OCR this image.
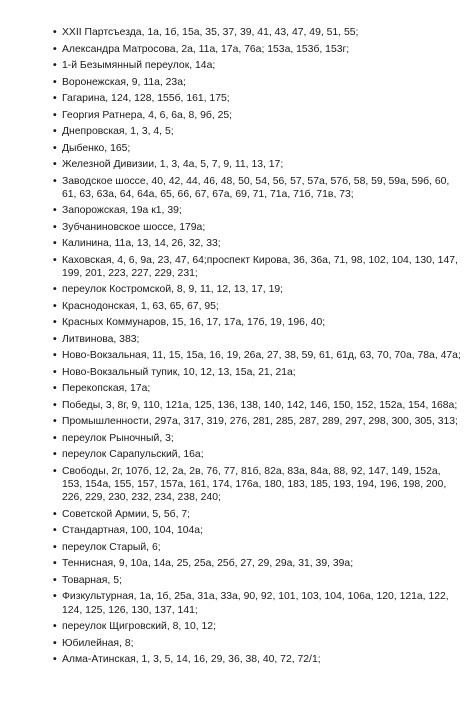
• XXII Партсъезда, 1а, 1б, 15а, 35, 37, 39, 41, 43, 47, 49, 51, 55;
• Александра Матросова, 2а, 11а, 17а, 76а; 153а, 153б, 153г;
• 1-й Безымянный переулок, 14а;
• Воронежская, 9, 11а, 23а;
• Гагарина, 124, 128, 155б, 161, 175;
• Георгия Ратнера, 4, 6, 6а, 8, 9б, 25;
• Днепровская, 1, 3, 4, 5;
• Дыбенко, 165;
• Железной Дивизии, 1, 3, 4а, 5, 7, 9, 11, 13, 17;
• Заводское шоссе, 40, 42, 44, 46, 48, 50, 54, 56, 57, 57а, 57б, 58, 59, 59а, 59б, 60, 61, 63, 63а, 64, 64а, 65, 66, 67, 67а, 69, 71, 71а, 71б, 71в, 73;
• Запорожская, 19а к1, 39;
• Зубчаниновское шоссе, 179а;
• Калинина, 11а, 13, 14, 26, 32, 33;
• Каховская, 4, 6, 9а, 23, 47, 64;проспект Кирова, 36, 36а, 71, 98, 102, 104, 130, 147, 199, 201, 223, 227, 229, 231;
• переулок Костромской, 8, 9, 11, 12, 13, 17, 19;
• Краснодонская, 1, 63, 65, 67, 95;
• Красных Коммунаров, 15, 16, 17, 17а, 17б, 19, 196, 40;
• Литвинова, 383;
• Ново-Вокзальная, 11, 15, 15а, 16, 19, 26а, 27, 38, 59, 61, 61д, 63, 70, 70а, 78а, 47а;
• Ново-Вокзальный тупик, 10, 12, 13, 15а, 21, 21а;
• Перекопская, 17а;
• Победы, 3, 8г, 9, 110, 121а, 125, 136, 138, 140, 142, 146, 150, 152, 152а, 154, 168а;
• Промышленности, 297а, 317, 319, 276, 281, 285, 287, 289, 297, 298, 300, 305, 313;
• переулок Рыночный, 3;
• переулок Сарапульский, 16а;
• Свободы, 2г, 107б, 12, 2а, 2в, 76, 77, 81б, 82а, 83а, 84а, 88, 92, 147, 149, 152а, 153, 154а, 155, 157, 157а, 161, 174, 176а, 180, 183, 185, 193, 194, 196, 198, 200, 226, 229, 230, 232, 234, 238, 240;
• Советской Армии, 5, 5б, 7;
• Стандартная, 100, 104, 104а;
• переулок Старый, 6;
• Теннисная, 9, 10а, 14а, 25, 25а, 25б, 27, 29, 29а, 31, 39, 39а;
• Товарная, 5;
• Физкультурная, 1а, 1б, 25а, 31а, 33а, 90, 92, 101, 103, 104, 106а, 120, 121а, 122, 124, 125, 126, 130, 137, 141;
• переулок Щигровский, 8, 10, 12;
• Юбилейная, 8;
• Алма-Атинская, 1, 3, 5, 14, 16, 29, 36, 38, 40, 72, 72/1;
